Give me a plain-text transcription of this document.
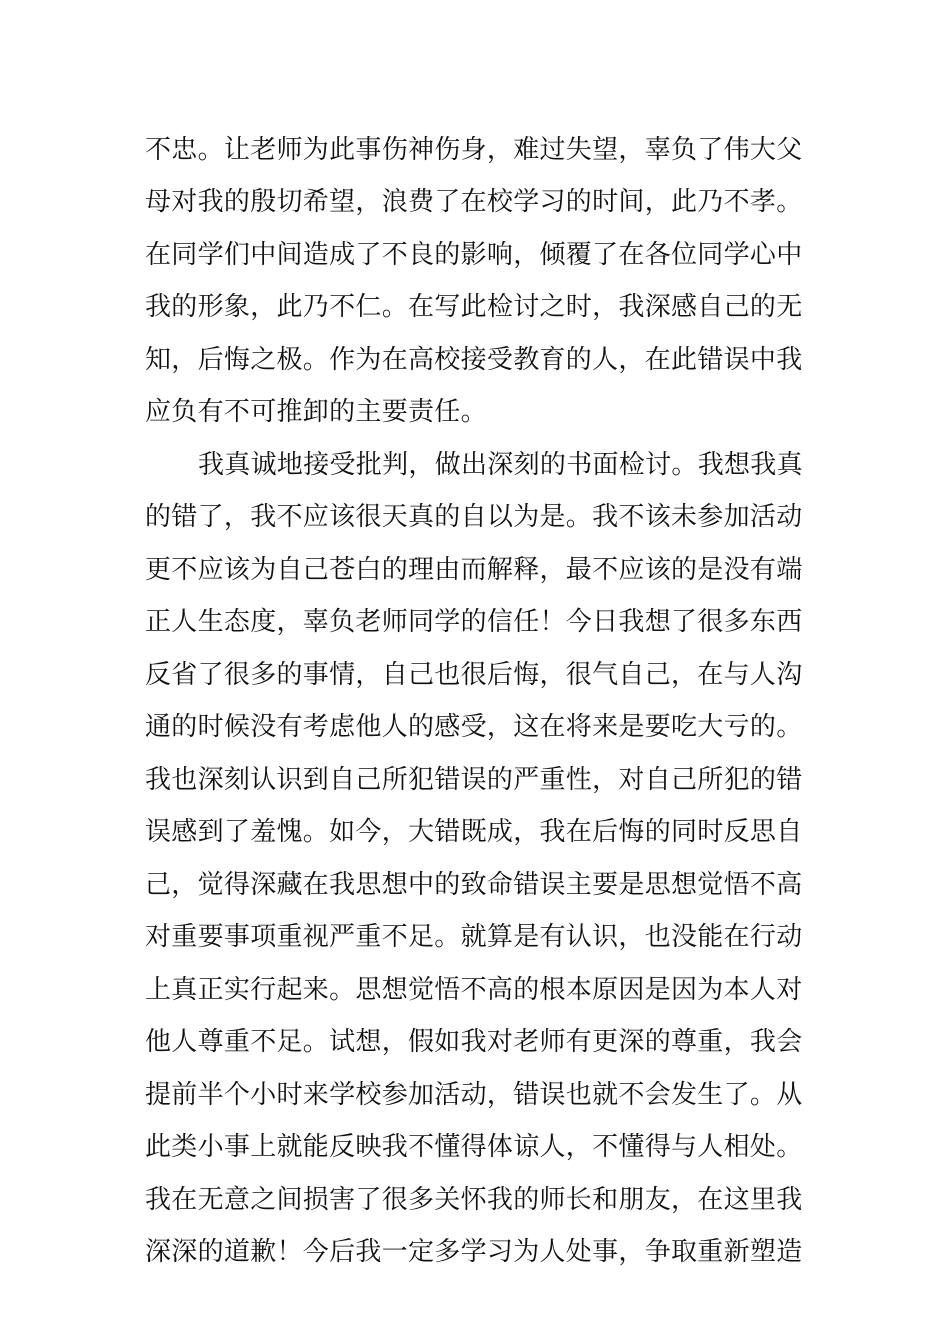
不忠。让老师为此事伤神伤身，难过失望，辜负了伟大父
母对我的殷切希望，浪费了在校学习的时间，此乃不孝。
在同学们中间造成了不良的影响，倾覆了在各位同学心中
我的形象，此乃不仁。在写此检讨之时，我深感自己的无
知，后悔之极。作为在高校接受教育的人，在此错误中我
应负有不可推卸的主要责任。
我真诚地接受批判，做出深刻的书面检讨。我想我真
的错了，我不应该很天真的自以为是。我不该未参加活动
更不应该为自己苍白的理由而解释，最不应该的是没有端
正人生态度，辜负老师同学的信任！今日我想了很多东西
反省了很多的事情，自己也很后悔，很气自己，在与人沟
通的时候没有考虑他人的感受，这在将来是要吃大亏的。
我也深刻认识到自己所犯错误的严重性，对自己所犯的错
误感到了羞愧。如今，大错既成，我在后悔的同时反思自
己，觉得深藏在我思想中的致命错误主要是思想觉悟不高
对重要事项重视严重不足。就算是有认识，也没能在行动
上真正实行起来。思想觉悟不高的根本原因是因为本人对
他人尊重不足。试想，假如我对老师有更深的尊重，我会
提前半个小时来学校参加活动，错误也就不会发生了。从
此类小事上就能反映我不懂得体谅人，不懂得与人相处。
我在无意之间损害了很多关怀我的师长和朋友，在这里我
深深的道歉！今后我一定多学习为人处事，争取重新塑造
